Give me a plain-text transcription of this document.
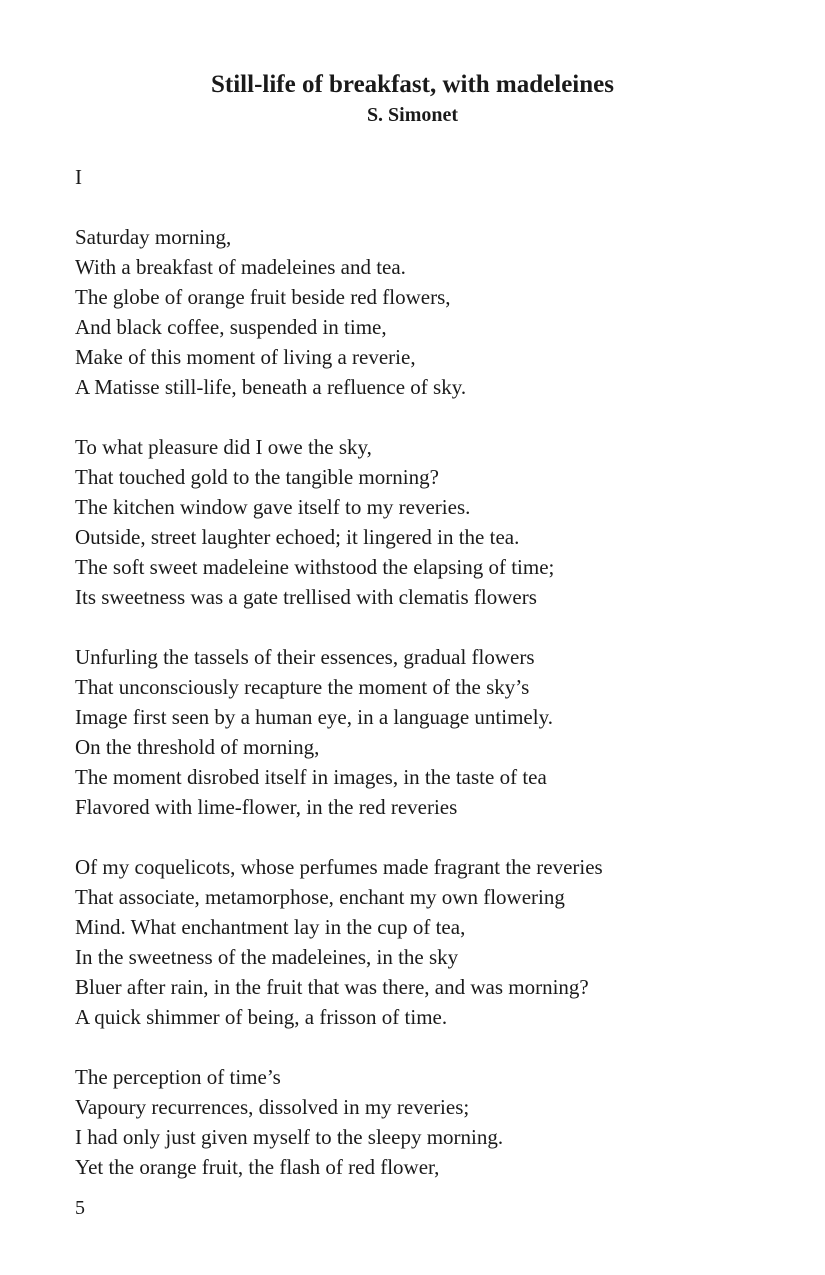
Still-life of breakfast, with madeleines
S. Simonet
I
Saturday morning,
With a breakfast of madeleines and tea.
The globe of orange fruit beside red flowers,
And black coffee, suspended in time,
Make of this moment of living a reverie,
A Matisse still-life, beneath a refluence of sky.
To what pleasure did I owe the sky,
That touched gold to the tangible morning?
The kitchen window gave itself to my reveries.
Outside, street laughter echoed; it lingered in the tea.
The soft sweet madeleine withstood the elapsing of time;
Its sweetness was a gate trellised with clematis flowers
Unfurling the tassels of their essences, gradual flowers
That unconsciously recapture the moment of the sky’s
Image first seen by a human eye, in a language untimely.
On the threshold of morning,
The moment disrobed itself in images, in the taste of tea
Flavored with lime-flower, in the red reveries
Of my coquelicots, whose perfumes made fragrant the reveries
That associate, metamorphose, enchant my own flowering
Mind. What enchantment lay in the cup of tea,
In the sweetness of the madeleines, in the sky
Bluer after rain, in the fruit that was there, and was morning?
A quick shimmer of being, a frisson of time.
The perception of time’s
Vapoury recurrences, dissolved in my reveries;
I had only just given myself to the sleepy morning.
Yet the orange fruit, the flash of red flower,
5
